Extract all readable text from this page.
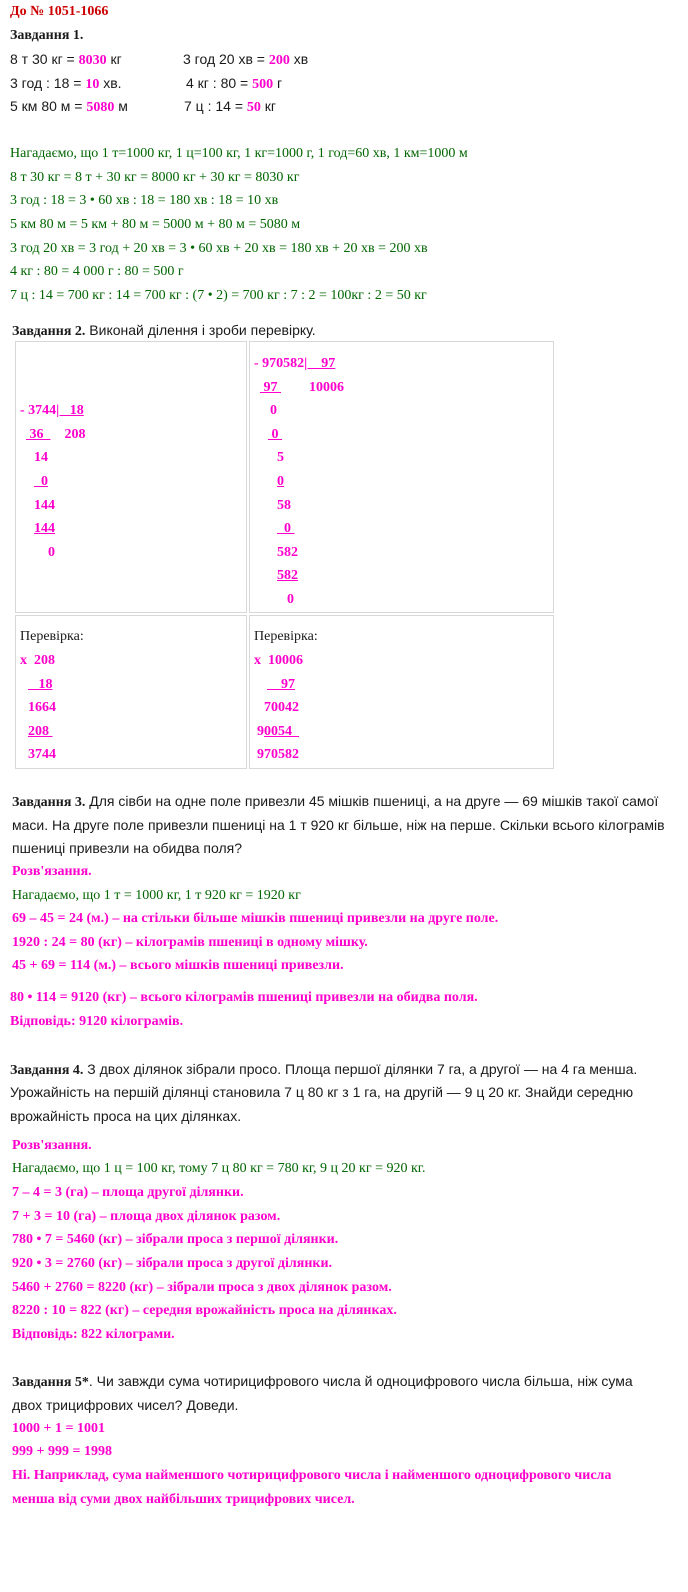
До № 1051-1066
Завдання 1.
8 т 30 кг = 8030 кг	3 год 20 хв = 200 хв
3 год : 18 = 10 хв.	4 кг : 80 = 500 г
5 км 80 м = 5080 м	7 ц : 14 = 50 кг
Нагадаємо, що 1 т=1000 кг, 1 ц=100 кг, 1 кг=1000 г, 1 год=60 хв, 1 км=1000 м
8 т 30 кг = 8 т + 30 кг = 8000 кг + 30 кг = 8030 кг
3 год : 18 = 3 • 60 хв : 18 = 180 хв : 18 = 10 хв
5 км 80 м = 5 км + 80 м = 5000 м + 80 м = 5080 м
3 год 20 хв = 3 год + 20 хв = 3 • 60 хв + 20 хв = 180 хв + 20 хв = 200 хв
4 кг : 80 = 4 000 г : 80 = 500 г
7 ц : 14 = 700 кг : 14 = 700 кг : (7 • 2) = 700 кг : 7 : 2 = 100кг : 2 = 50 кг
Завдання 2. Виконай ділення і зроби перевірку.
- 3744|   18
36      208
14
0
144
144
0
- 970582|    97
97         10006
0
0
5
0
58
0
582
582
0
Перевірка:
х  208
18
1664
208
3744
Перевірка:
х  10006
97
70042
90054
970582
Завдання 3. Для сівби на одне поле привезли 45 мішків пшениці, а на друге — 69 мішків такої самої
маси. На друге поле привезли пшениці на 1 т 920 кг більше, ніж на перше. Скільки всього кілограмів
пшениці привезли на обидва поля?
Розв'язання.
Нагадаємо, що 1 т = 1000 кг, 1 т 920 кг = 1920 кг
69 – 45 = 24 (м.) – на стільки більше мішків пшениці привезли на друге поле.
1920 : 24 = 80 (кг) – кілограмів пшениці в одному мішку.
45 + 69 = 114 (м.) – всього мішків пшениці привезли.
80 • 114 = 9120 (кг) – всього кілограмів пшениці привезли на обидва поля.
Відповідь: 9120 кілограмів.
Завдання 4. З двох ділянок зібрали просо. Площа першої ділянки 7 га, а другої — на 4 га менша.
Урожайність на першій ділянці становила 7 ц 80 кг з 1 га, на другій — 9 ц 20 кг. Знайди середню
врожайність проса на цих ділянках.
Розв'язання.
Нагадаємо, що 1 ц = 100 кг, тому 7 ц 80 кг = 780 кг, 9 ц 20 кг = 920 кг.
7 – 4 = 3 (га) – площа другої ділянки.
7 + 3 = 10 (га) – площа двох ділянок разом.
780 • 7 = 5460 (кг) – зібрали проса з першої ділянки.
920 • 3 = 2760 (кг) – зібрали проса з другої ділянки.
5460 + 2760 = 8220 (кг) – зібрали проса з двох ділянок разом.
8220 : 10 = 822 (кг) – середня врожайність проса на ділянках.
Відповідь: 822 кілограми.
Завдання 5*. Чи завжди сума чотирицифрового числа й одноцифрового числа більша, ніж сума
двох трицифрових чисел? Доведи.
1000 + 1 = 1001
999 + 999 = 1998
Ні. Наприклад, сума найменшого чотирицифрового числа і найменшого одноцифрового числа
менша від суми двох найбільших трицифрових чисел.
